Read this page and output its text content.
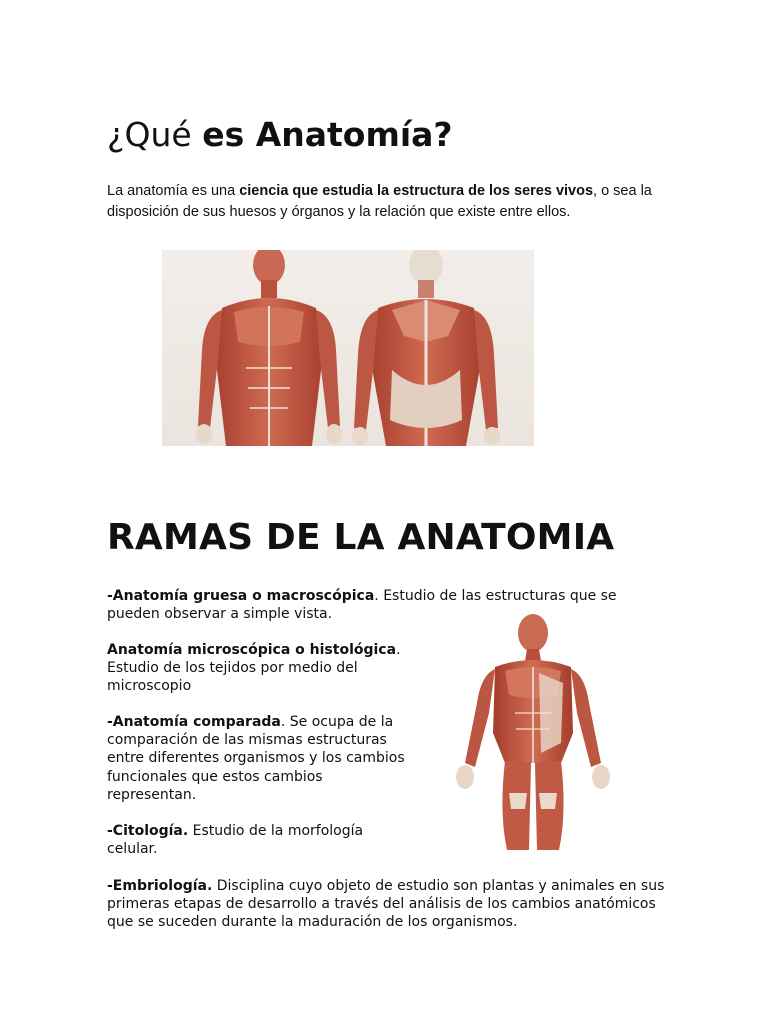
¿Qué es Anatomía?

La anatomía es una ciencia que estudia la estructura de los seres vivos, o sea la disposición de sus huesos y órganos y la relación que existe entre ellos.

RAMAS DE LA ANATOMIA

-Anatomía gruesa o macroscópica. Estudio de las estructuras que se pueden observar a simple vista.

Anatomía microscópica o histológica. Estudio de los tejidos por medio del microscopio

-Anatomía comparada. Se ocupa de la comparación de las mismas estructuras entre diferentes organismos y los cambios funcionales que estos cambios representan.

-Citología. Estudio de la morfología celular.

-Embriología. Disciplina cuyo objeto de estudio son plantas y animales en sus primeras etapas de desarrollo a través del análisis de los cambios anatómicos que se suceden durante la maduración de los organismos.
